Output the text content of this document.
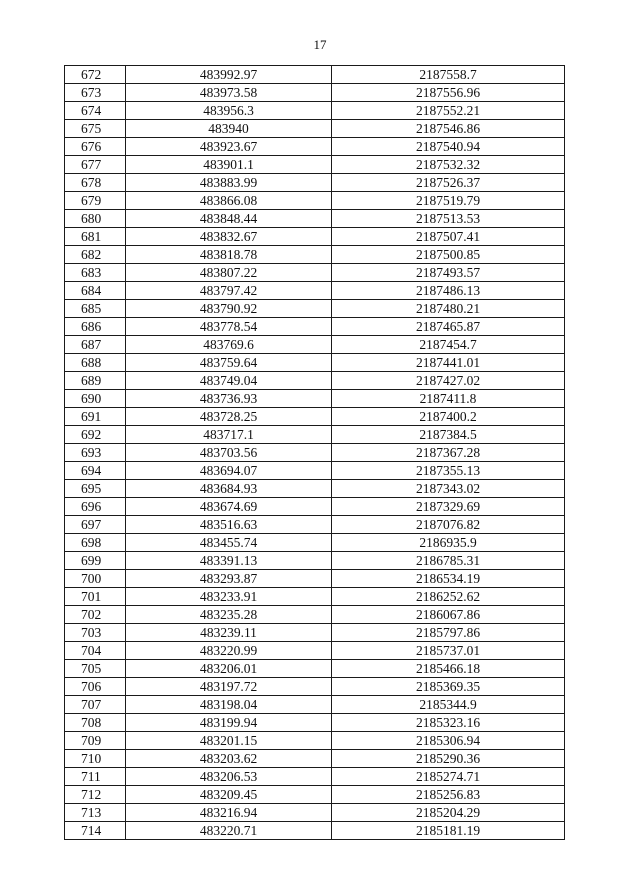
17
672	483992.97	2187558.7
673	483973.58	2187556.96
674	483956.3	2187552.21
675	483940	2187546.86
676	483923.67	2187540.94
677	483901.1	2187532.32
678	483883.99	2187526.37
679	483866.08	2187519.79
680	483848.44	2187513.53
681	483832.67	2187507.41
682	483818.78	2187500.85
683	483807.22	2187493.57
684	483797.42	2187486.13
685	483790.92	2187480.21
686	483778.54	2187465.87
687	483769.6	2187454.7
688	483759.64	2187441.01
689	483749.04	2187427.02
690	483736.93	2187411.8
691	483728.25	2187400.2
692	483717.1	2187384.5
693	483703.56	2187367.28
694	483694.07	2187355.13
695	483684.93	2187343.02
696	483674.69	2187329.69
697	483516.63	2187076.82
698	483455.74	2186935.9
699	483391.13	2186785.31
700	483293.87	2186534.19
701	483233.91	2186252.62
702	483235.28	2186067.86
703	483239.11	2185797.86
704	483220.99	2185737.01
705	483206.01	2185466.18
706	483197.72	2185369.35
707	483198.04	2185344.9
708	483199.94	2185323.16
709	483201.15	2185306.94
710	483203.62	2185290.36
711	483206.53	2185274.71
712	483209.45	2185256.83
713	483216.94	2185204.29
714	483220.71	2185181.19
